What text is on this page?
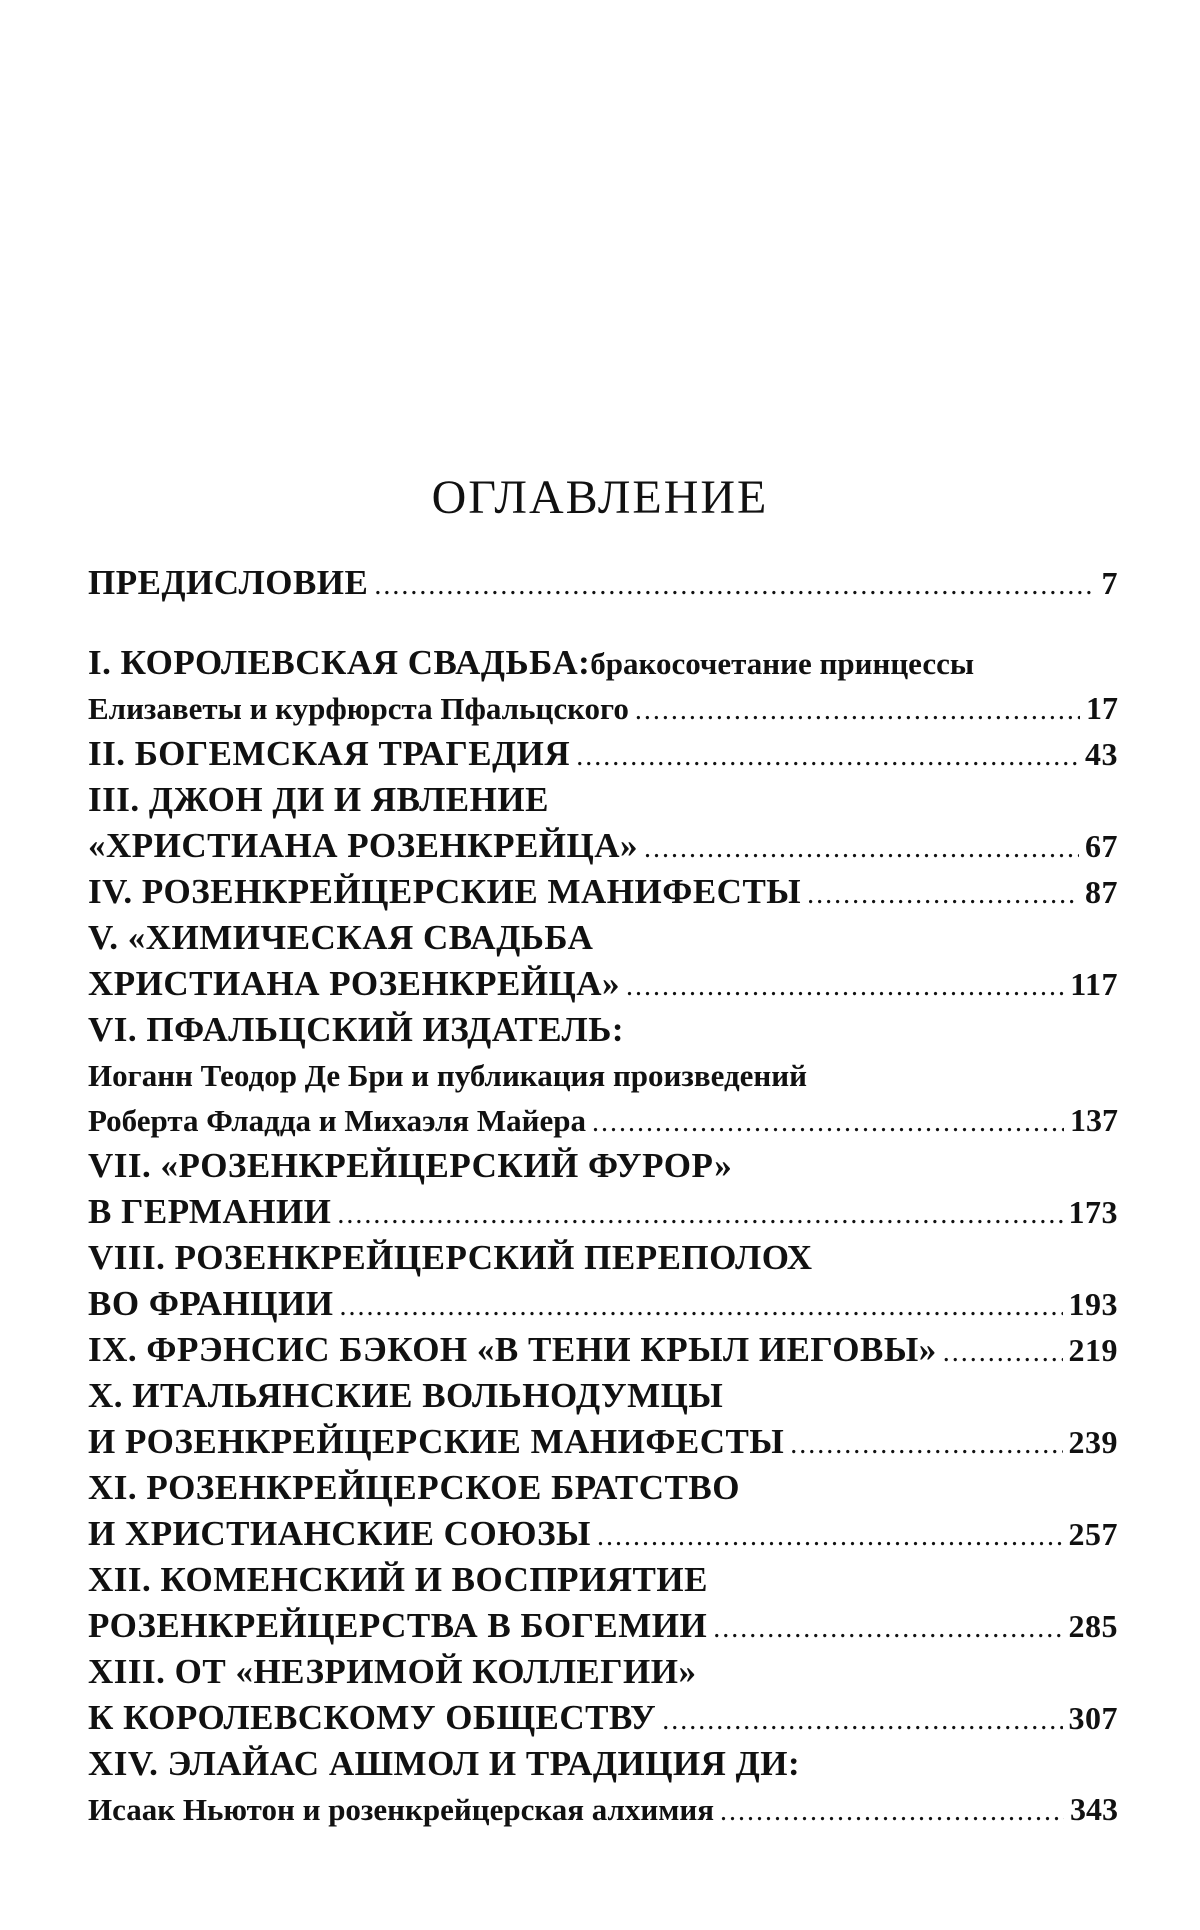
ОГЛАВЛЕНИЕ
ПРЕДИСЛОВИЕ .....	7
I. КОРОЛЕВСКАЯ СВАДЬБА: бракосочетание принцессы
Елизаветы и курфюрста Пфальцского .....	17
II. БОГЕМСКАЯ ТРАГЕДИЯ .....	43
III. ДЖОН ДИ И ЯВЛЕНИЕ
«ХРИСТИАНА РОЗЕНКРЕЙЦА» .....	67
IV. РОЗЕНКРЕЙЦЕРСКИЕ МАНИФЕСТЫ .....	87
V. «ХИМИЧЕСКАЯ СВАДЬБА
ХРИСТИАНА РОЗЕНКРЕЙЦА» .....	117
VI. ПФАЛЬЦСКИЙ ИЗДАТЕЛЬ:
Иоганн Теодор Де Бри и публикация произведений
Роберта Фладда и Михаэля Майера .....	137
VII. «РОЗЕНКРЕЙЦЕРСКИЙ ФУРОР»
В ГЕРМАНИИ .....	173
VIII. РОЗЕНКРЕЙЦЕРСКИЙ ПЕРЕПОЛОХ
ВО ФРАНЦИИ .....	193
IX. ФРЭНСИС БЭКОН «В ТЕНИ КРЫЛ ИЕГОВЫ» .....	219
X. ИТАЛЬЯНСКИЕ ВОЛЬНОДУМЦЫ
И РОЗЕНКРЕЙЦЕРСКИЕ МАНИФЕСТЫ .....	239
XI. РОЗЕНКРЕЙЦЕРСКОЕ БРАТСТВО
И ХРИСТИАНСКИЕ СОЮЗЫ .....	257
XII. КОМЕНСКИЙ И ВОСПРИЯТИЕ
РОЗЕНКРЕЙЦЕРСТВА В БОГЕМИИ .....	285
XIII. ОТ «НЕЗРИМОЙ КОЛЛЕГИИ»
К КОРОЛЕВСКОМУ ОБЩЕСТВУ .....	307
XIV. ЭЛАЙАС АШМОЛ И ТРАДИЦИЯ ДИ:
Исаак Ньютон и розенкрейцерская алхимия .....	343
